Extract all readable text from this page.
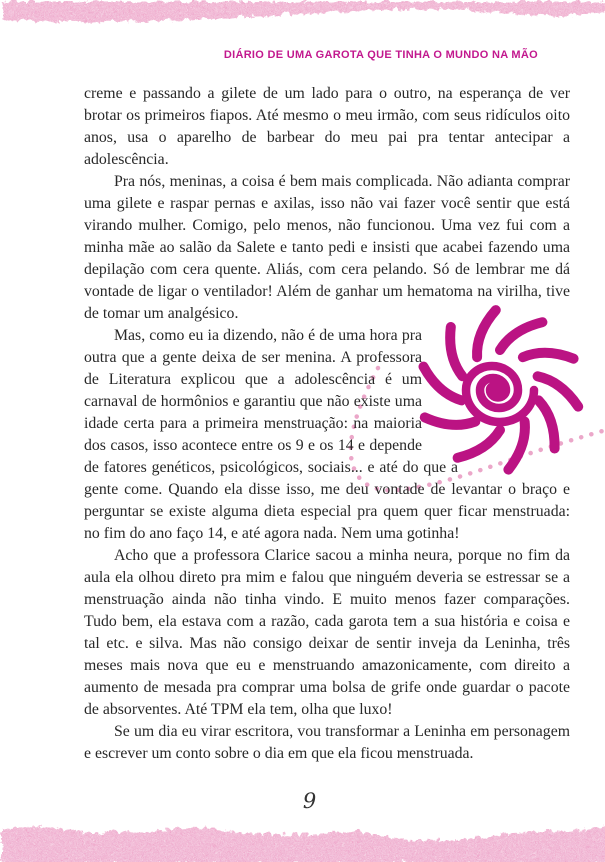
DIÁRIO DE UMA GAROTA QUE TINHA O MUNDO NA MÃO

creme e passando a gilete de um lado para o outro, na esperança de ver brotar os primeiros fiapos. Até mesmo o meu irmão, com seus ridículos oito anos, usa o aparelho de barbear do meu pai pra tentar antecipar a adolescência.

Pra nós, meninas, a coisa é bem mais complicada. Não adianta comprar uma gilete e raspar pernas e axilas, isso não vai fazer você sentir que está virando mulher. Comigo, pelo menos, não funcionou. Uma vez fui com a minha mãe ao salão da Salete e tanto pedi e insisti que acabei fazendo uma depilação com cera quente. Aliás, com cera pelando. Só de lembrar me dá vontade de ligar o ventilador! Além de ganhar um hematoma na virilha, tive de tomar um analgésico.

Mas, como eu ia dizendo, não é de uma hora pra outra que a gente deixa de ser menina. A professora de Literatura explicou que a adolescência é um carnaval de hormônios e garantiu que não existe uma idade certa para a primeira menstruação: na maioria dos casos, isso acontece entre os 9 e os 14 e depende de fatores genéticos, psicológicos, sociais... e até do que a gente come. Quando ela disse isso, me deu vontade de levantar o braço e perguntar se existe alguma dieta especial pra quem quer ficar menstruada: no fim do ano faço 14, e até agora nada. Nem uma gotinha!

Acho que a professora Clarice sacou a minha neura, porque no fim da aula ela olhou direto pra mim e falou que ninguém deveria se estressar se a menstruação ainda não tinha vindo. E muito menos fazer comparações. Tudo bem, ela estava com a razão, cada garota tem a sua história e coisa e tal etc. e silva. Mas não consigo deixar de sentir inveja da Leninha, três meses mais nova que eu e menstruando amazonicamente, com direito a aumento de mesada pra comprar uma bolsa de grife onde guardar o pacote de absorventes. Até TPM ela tem, olha que luxo!

Se um dia eu virar escritora, vou transformar a Leninha em personagem e escrever um conto sobre o dia em que ela ficou menstruada.

9
